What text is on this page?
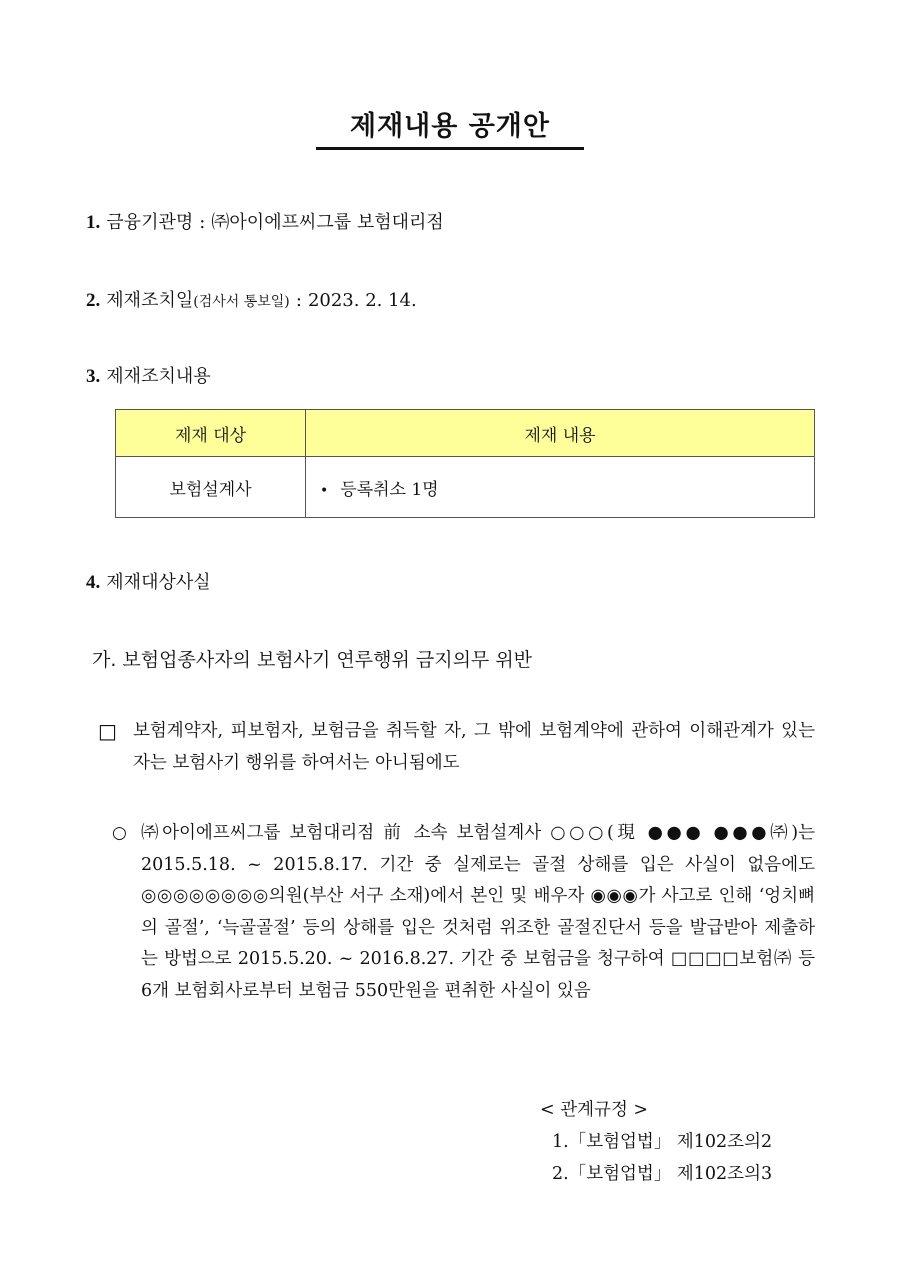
제재내용 공개안
1. 금융기관명 : ㈜아이에프씨그룹 보험대리점
2. 제재조치일(검사서 통보일) : 2023. 2. 14.
3. 제재조치내용
제재 대상	제재 내용
보험설계사	• 등록취소 1명
4. 제재대상사실
가. 보험업종사자의 보험사기 연루행위 금지의무 위반
□ 보험계약자, 피보험자, 보험금을 취득할 자, 그 밖에 보험계약에 관하여 이해관계가 있는 자는 보험사기 행위를 하여서는 아니됨에도
○ ㈜아이에프씨그룹 보험대리점 前 소속 보험설계사 ○○○(現 ●●● ●●●㈜)는 2015.5.18. ~ 2015.8.17. 기간 중 실제로는 골절 상해를 입은 사실이 없음에도 ◎◎◎◎◎◎◎◎의원(부산 서구 소재)에서 본인 및 배우자 ◉◉◉가 사고로 인해 ‘엉치뼈의 골절’, ‘늑골골절’ 등의 상해를 입은 것처럼 위조한 골절진단서 등을 발급받아 제출하는 방법으로 2015.5.20. ~ 2016.8.27. 기간 중 보험금을 청구하여 □□□□보험㈜ 등 6개 보험회사로부터 보험금 550만원을 편취한 사실이 있음
< 관계규정 >
1.「보험업법」 제102조의2
2.「보험업법」 제102조의3
